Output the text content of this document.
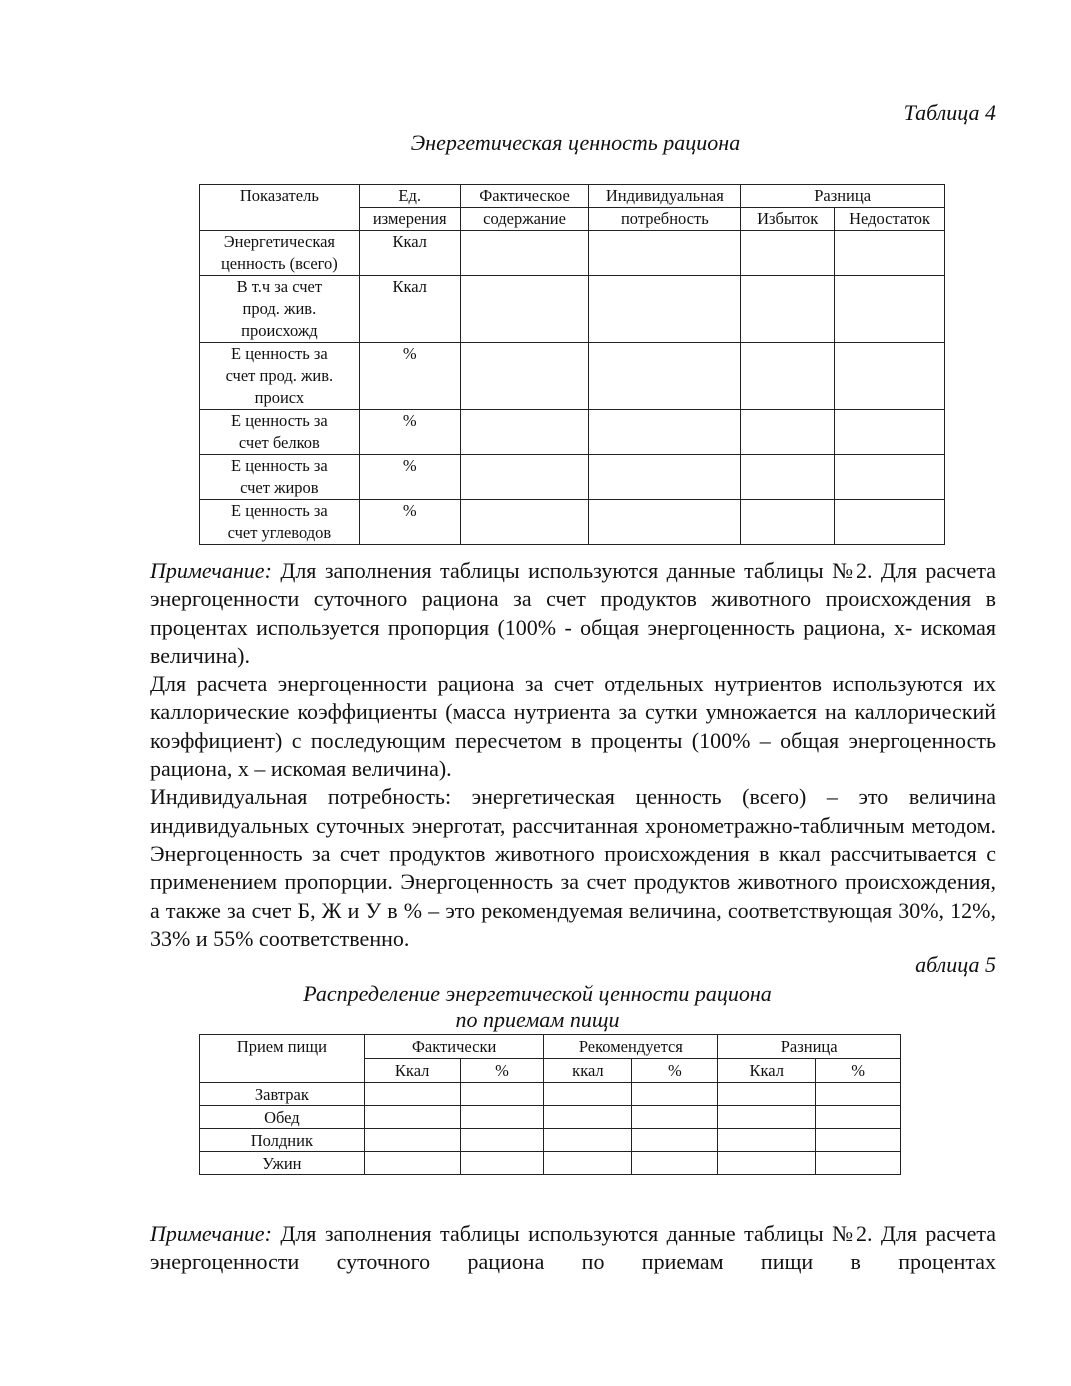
Таблица 4
Энергетическая ценность рациона
Показатель	Ед.	Фактическое	Индивидуальная	Разница	
	измерения	содержание	потребность	Избыток	Недостаток

Энергетическая
ценность (всего)	Ккал				

В т.ч за счет
прод. жив.
происхожд	Ккал				

Е ценность за
счет прод. жив.
происх	%				

Е ценность за
счет белков	%				

Е ценность за
счет жиров	%				

Е ценность за
счет углеводов	%				

Примечание: Для заполнения таблицы используются данные таблицы №2. Для расчета энергоценности суточного рациона за счет продуктов животного происхождения в процентах используется пропорция (100% - общая энергоценность рациона, х- искомая величина).

Для расчета энергоценности рациона за счет отдельных нутриентов используются их каллорические коэффициенты (масса нутриента за сутки умножается на каллорический коэффициент) с последующим пересчетом в проценты (100% – общая энергоценность рациона, х – искомая величина).

Индивидуальная потребность: энергетическая ценность (всего) – это величина индивидуальных суточных энерготат, рассчитанная хронометражно-табличным методом. Энергоценность за счет продуктов животного происхождения в ккал рассчитывается с применением пропорции. Энергоценность за счет продуктов животного происхождения, а также за счет Б, Ж и У в % – это рекомендуемая величина, соответствующая 30%, 12%, 33% и 55% соответственно.

аблица 5
Распределение энергетической ценности рациона
по приемам пищи
Прием пищи	Фактически		Рекомендуется		Разница	
	Ккал	%	ккал	%	Ккал	%
Завтрак						
Обед						
Полдник						
Ужин						

Примечание: Для заполнения таблицы используются данные таблицы №2. Для расчета энергоценности суточного рациона по приемам пищи в процентах
